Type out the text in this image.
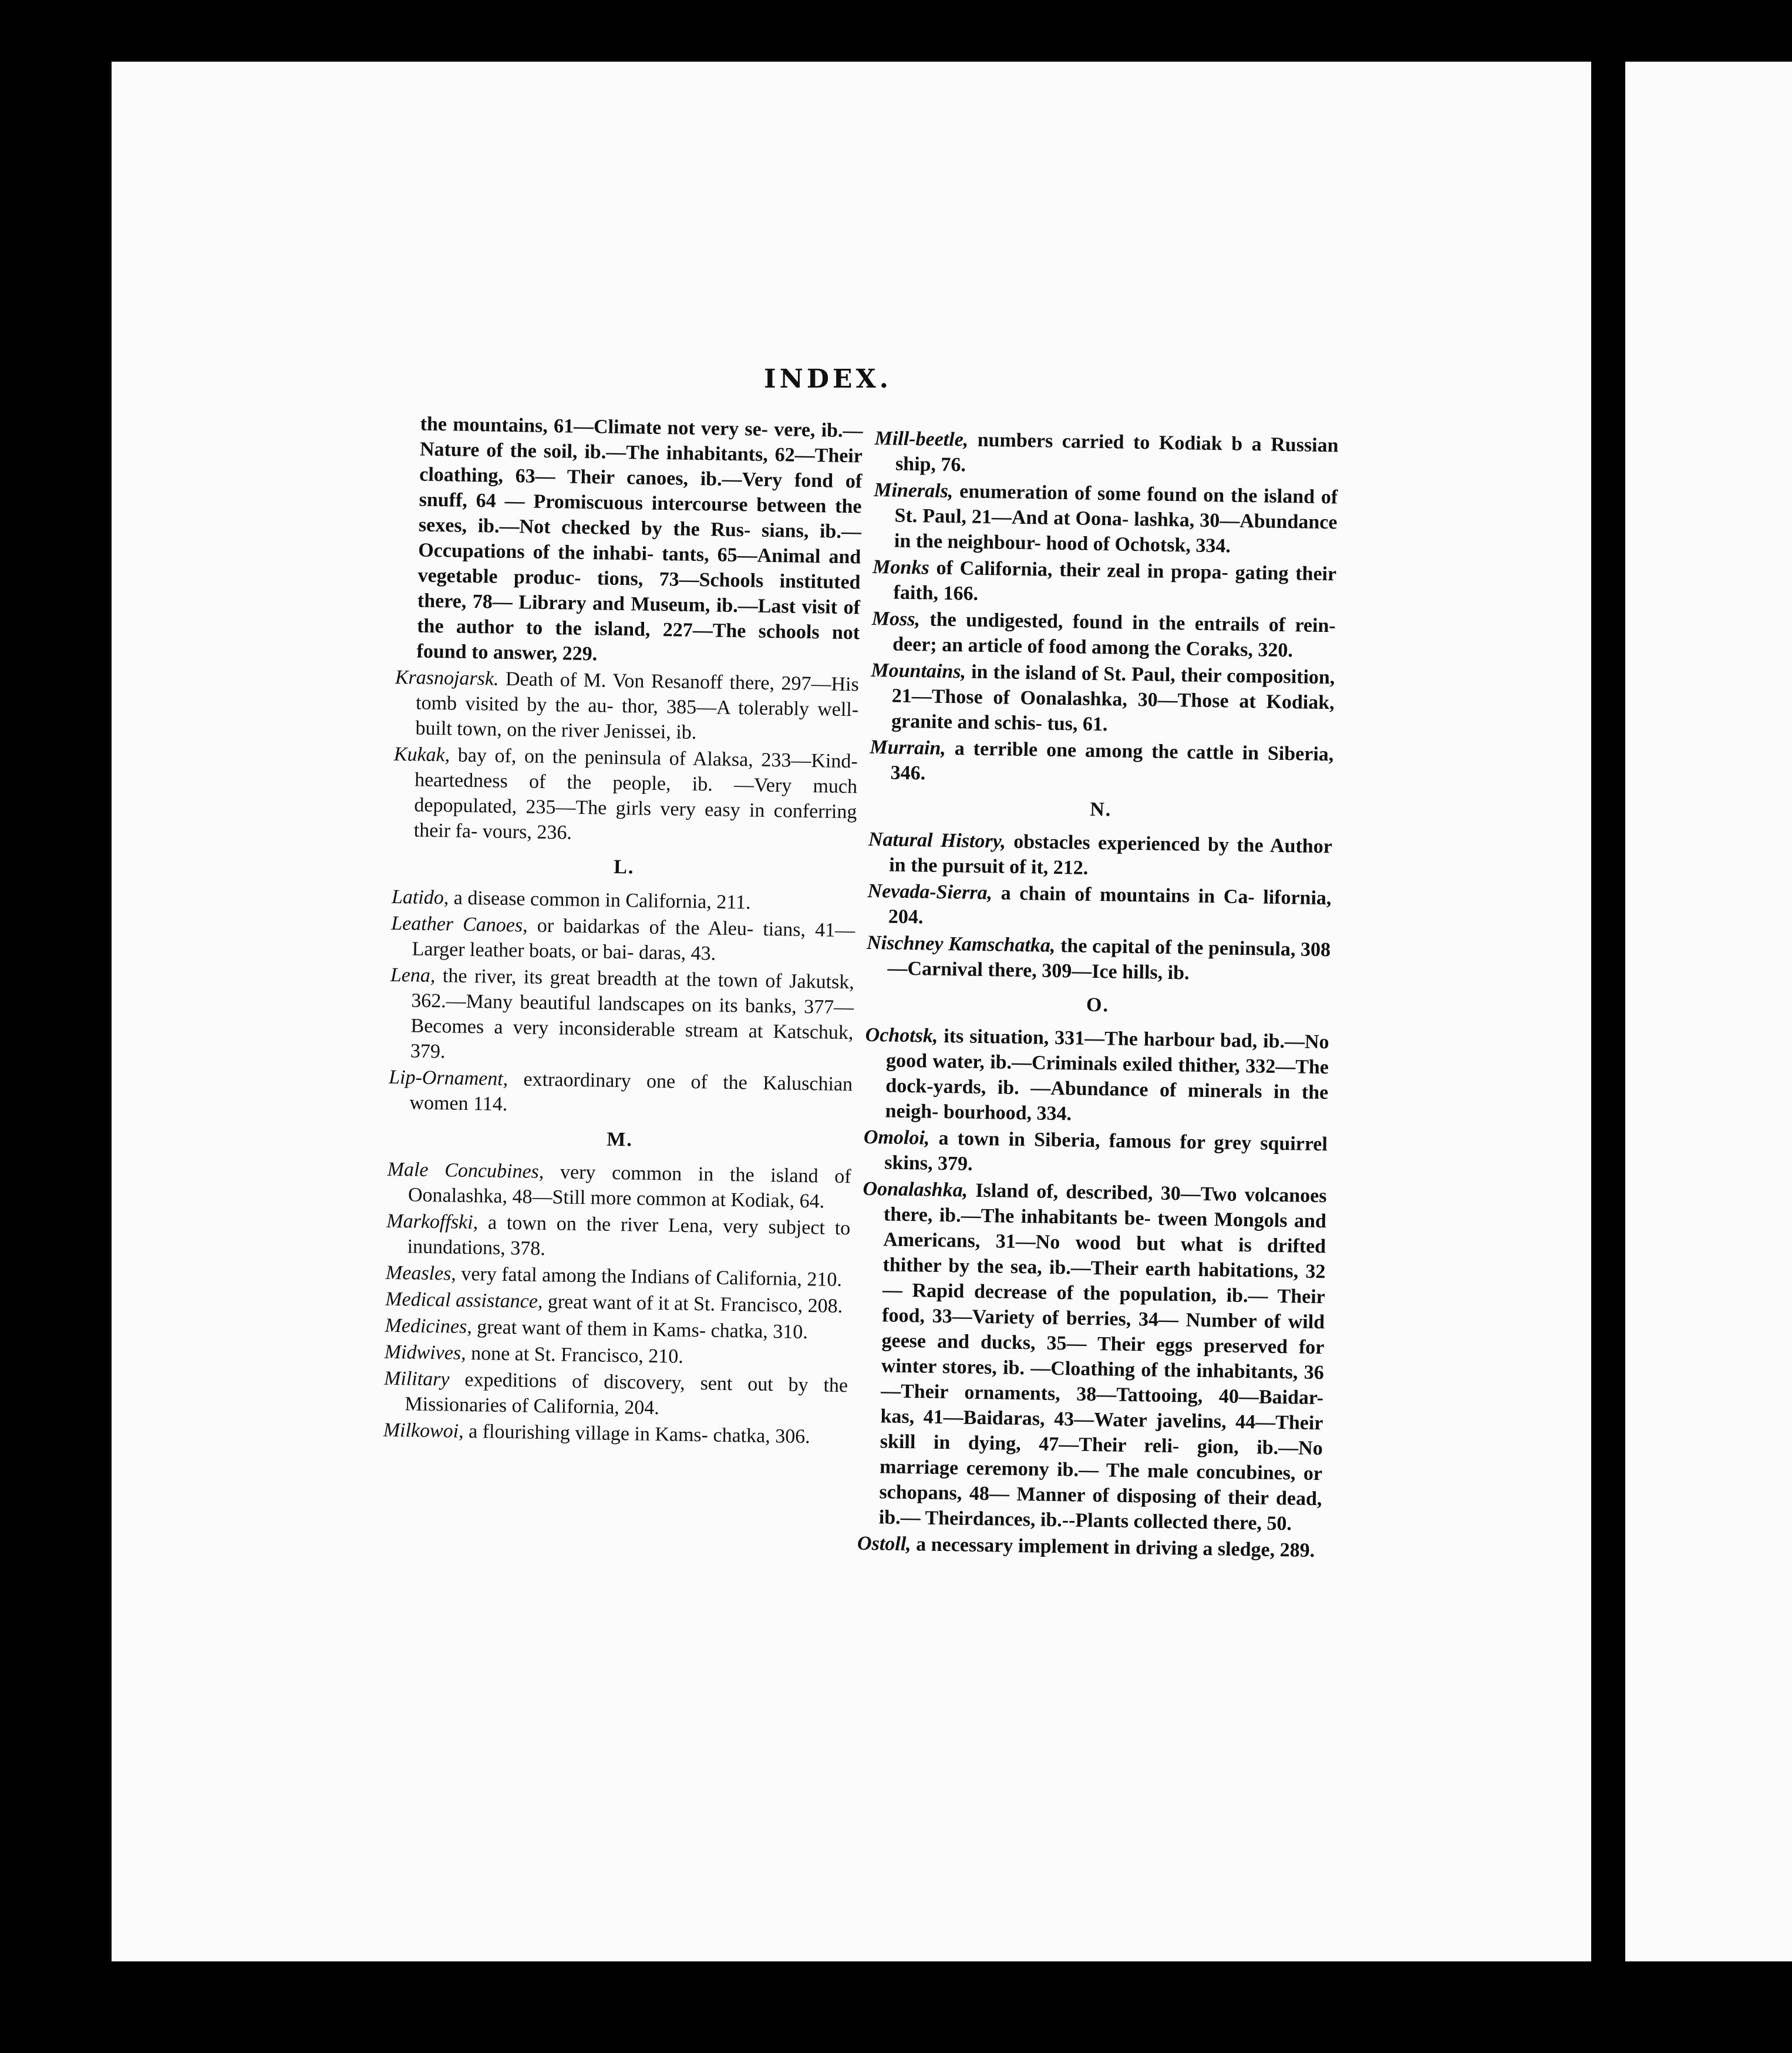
INDEX.
the mountains, 61—Climate not very se- vere, ib.—Nature of the soil, ib.—The inhabitants, 62—Their cloathing, 63— Their canoes, ib.—Very fond of snuff, 64 — Promiscuous intercourse between the sexes, ib.—Not checked by the Rus- sians, ib.—Occupations of the inhabi- tants, 65—Animal and vegetable produc- tions, 73—Schools instituted there, 78— Library and Museum, ib.—Last visit of the author to the island, 227—The schools not found to answer, 229.
Krasnojarsk. Death of M. Von Resanoff there, 297—His tomb visited by the au- thor, 385—A tolerably well-built town, on the river Jenissei, ib.
Kukak, bay of, on the peninsula of Alaksa, 233—Kind-heartedness of the people, ib. —Very much depopulated, 235—The girls very easy in conferring their fa- vours, 236.
L.
Latido, a disease common in California, 211.
Leather Canoes, or baidarkas of the Aleu- tians, 41—Larger leather boats, or bai- daras, 43.
Lena, the river, its great breadth at the town of Jakutsk, 362.—Many beautiful landscapes on its banks, 377—Becomes a very inconsiderable stream at Katschuk, 379.
Lip-Ornament, extraordinary one of the Kaluschian women 114.
M.
Male Concubines, very common in the island of Oonalashka, 48—Still more common at Kodiak, 64.
Markoffski, a town on the river Lena, very subject to inundations, 378.
Measles, very fatal among the Indians of California, 210.
Medical assistance, great want of it at St. Francisco, 208.
Medicines, great want of them in Kams- chatka, 310.
Midwives, none at St. Francisco, 210.
Military expeditions of discovery, sent out by the Missionaries of California, 204.
Milkowoi, a flourishing village in Kams- chatka, 306.
Mill-beetle, numbers carried to Kodiak b a Russian ship, 76.
Minerals, enumeration of some found on the island of St. Paul, 21—And at Oona- lashka, 30—Abundance in the neighbour- hood of Ochotsk, 334.
Monks of California, their zeal in propa- gating their faith, 166.
Moss, the undigested, found in the entrails of rein-deer; an article of food among the Coraks, 320.
Mountains, in the island of St. Paul, their composition, 21—Those of Oonalashka, 30—Those at Kodiak, granite and schis- tus, 61.
Murrain, a terrible one among the cattle in Siberia, 346.
N.
Natural History, obstacles experienced by the Author in the pursuit of it, 212.
Nevada-Sierra, a chain of mountains in Ca- lifornia, 204.
Nischney Kamschatka, the capital of the peninsula, 308—Carnival there, 309—Ice hills, ib.
O.
Ochotsk, its situation, 331—The harbour bad, ib.—No good water, ib.—Criminals exiled thither, 332—The dock-yards, ib. —Abundance of minerals in the neigh- bourhood, 334.
Omoloi, a town in Siberia, famous for grey squirrel skins, 379.
Oonalashka, Island of, described, 30—Two volcanoes there, ib.—The inhabitants be- tween Mongols and Americans, 31—No wood but what is drifted thither by the sea, ib.—Their earth habitations, 32— Rapid decrease of the population, ib.— Their food, 33—Variety of berries, 34— Number of wild geese and ducks, 35— Their eggs preserved for winter stores, ib. —Cloathing of the inhabitants, 36—Their ornaments, 38—Tattooing, 40—Baidar- kas, 41—Baidaras, 43—Water javelins, 44—Their skill in dying, 47—Their reli- gion, ib.—No marriage ceremony ib.— The male concubines, or schopans, 48— Manner of disposing of their dead, ib.— Theirdances, ib.--Plants collected there, 50.
Ostoll, a necessary implement in driving a sledge, 289.
